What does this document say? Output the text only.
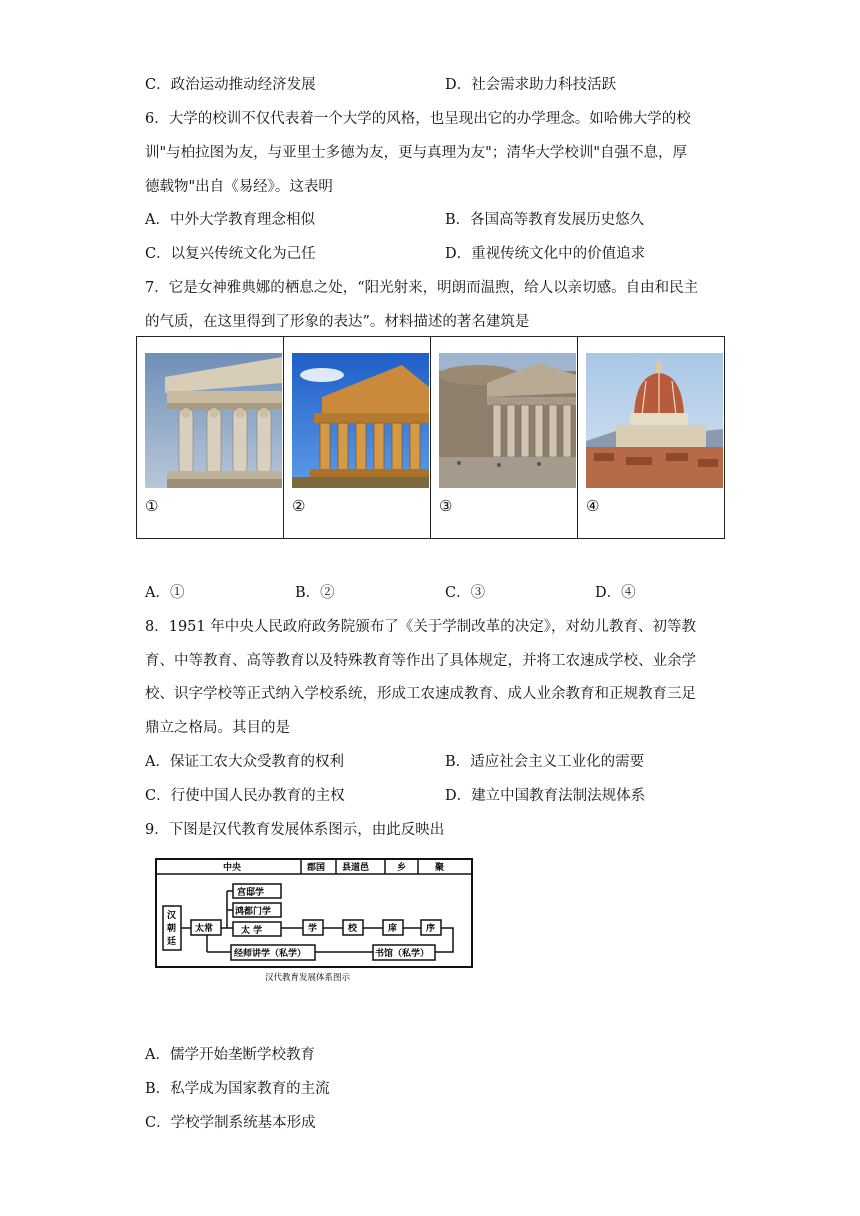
C．政治运动推动经济发展	D．社会需求助力科技活跃
6．大学的校训不仅代表着一个大学的风格，也呈现出它的办学理念。如哈佛大学的校
训"与柏拉图为友，与亚里士多德为友，更与真理为友"；清华大学校训"自强不息，厚
德载物"出自《易经》。这表明
A．中外大学教育理念相似	B．各国高等教育发展历史悠久
C．以复兴传统文化为己任	D．重视传统文化中的价值追求
7．它是女神雅典娜的栖息之处，“阳光射来，明朗而温煦，给人以亲切感。自由和民主
的气质，在这里得到了形象的表达”。材料描述的著名建筑是
①	②	③	④
A．①	B．②	C．③	D．④
8．1951 年中央人民政府政务院颁布了《关于学制改革的决定》，对幼儿教育、初等教
育、中等教育、高等教育以及特殊教育等作出了具体规定，并将工农速成学校、业余学
校、识字学校等正式纳入学校系统，形成工农速成教育、成人业余教育和正规教育三足
鼎立之格局。其目的是
A．保证工农大众受教育的权利	B．适应社会主义工业化的需要
C．行使中国人民办教育的主权	D．建立中国教育法制法规体系
9．下图是汉代教育发展体系图示，由此反映出
中央	郡国 县道邑	乡	聚
汉
朝
廷
太常
宫邸学
鸿都门学
太 学	学	校	庠	序
经师讲学（私学）	书馆（私学）
汉代教育发展体系图示
A．儒学开始垄断学校教育
B．私学成为国家教育的主流
C．学校学制系统基本形成
